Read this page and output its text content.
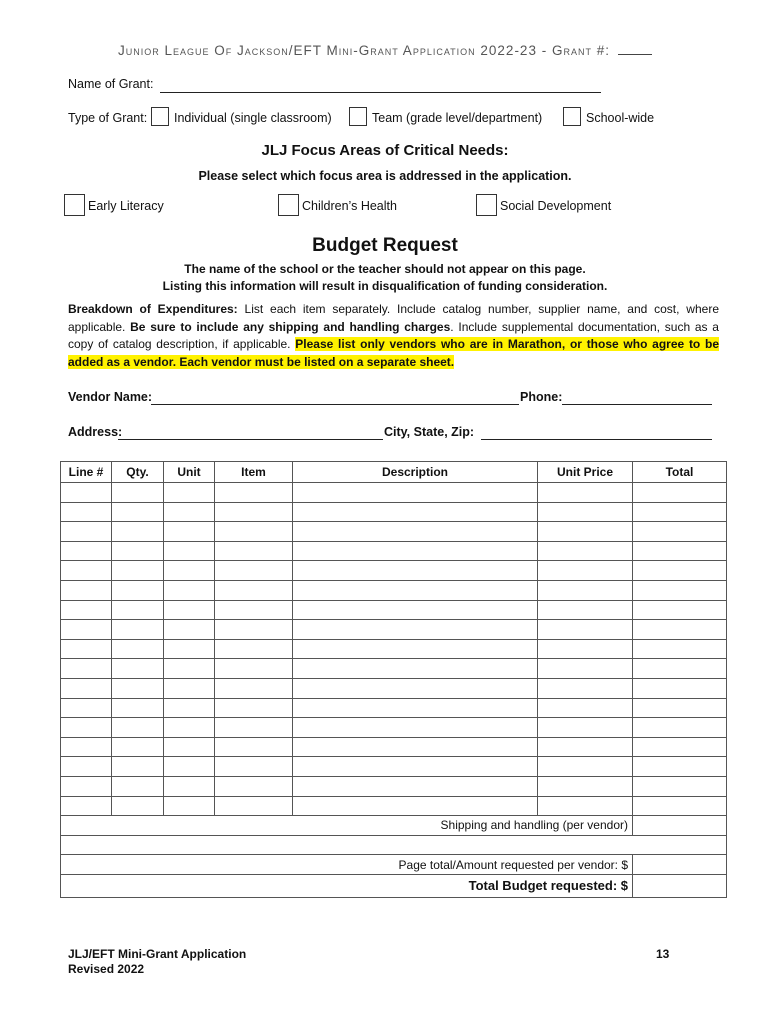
Junior League Of Jackson/EFT Mini-Grant Application 2022-23 - Grant #:
Name of Grant:
Type of Grant: Individual (single classroom)	Team (grade level/department)	School-wide
JLJ Focus Areas of Critical Needs:
Please select which focus area is addressed in the application.
Early Literacy	Children’s Health	Social Development
Budget Request
The name of the school or the teacher should not appear on this page.
Listing this information will result in disqualification of funding consideration.
Breakdown of Expenditures: List each item separately. Include catalog number, supplier name, and cost, where applicable. Be sure to include any shipping and handling charges. Include supplemental documentation, such as a copy of catalog description, if applicable. Please list only vendors who are in Marathon, or those who agree to be added as a vendor. Each vendor must be listed on a separate sheet.
Vendor Name:	Phone:
Address:	City, State, Zip:
Line #	Qty.	Unit	Item	Description	Unit Price	Total

Shipping and handling (per vendor)						

Page total/Amount requested per vendor: $						
Total Budget requested: $						
JLJ/EFT Mini-Grant Application
Revised 2022
13
